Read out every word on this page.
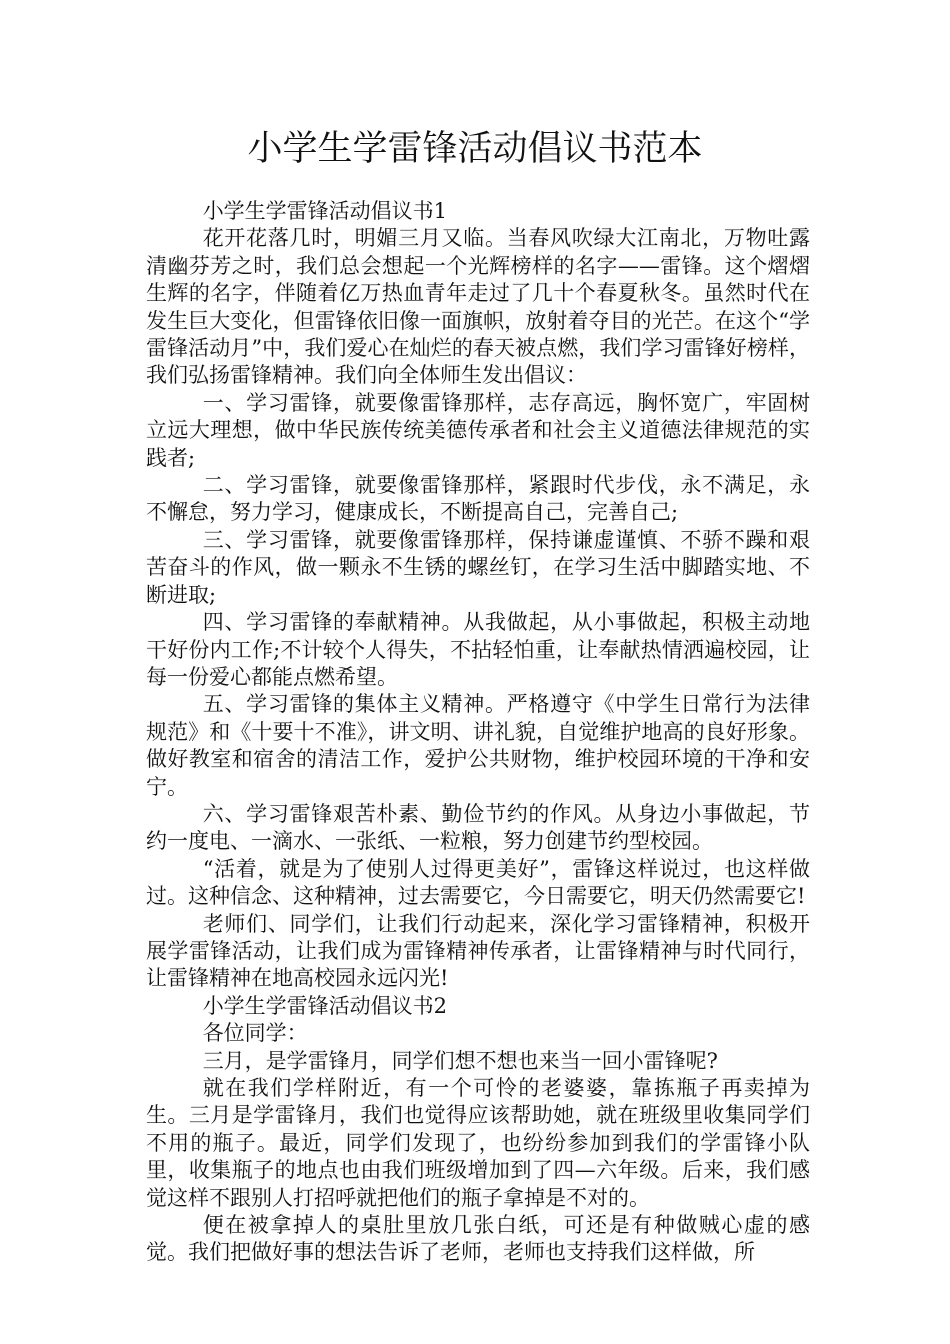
小学生学雷锋活动倡议书范本

小学生学雷锋活动倡议书1

花开花落几时，明媚三月又临。当春风吹绿大江南北，万物吐露清幽芬芳之时，我们总会想起一个光辉榜样的名字——雷锋。这个熠熠生辉的名字，伴随着亿万热血青年走过了几十个春夏秋冬。虽然时代在发生巨大变化，但雷锋依旧像一面旗帜，放射着夺目的光芒。在这个“学雷锋活动月”中，我们爱心在灿烂的春天被点燃，我们学习雷锋好榜样，我们弘扬雷锋精神。我们向全体师生发出倡议：

一、学习雷锋，就要像雷锋那样，志存高远，胸怀宽广，牢固树立远大理想，做中华民族传统美德传承者和社会主义道德法律规范的实践者;

二、学习雷锋，就要像雷锋那样，紧跟时代步伐，永不满足，永不懈怠，努力学习，健康成长，不断提高自己，完善自己;

三、学习雷锋，就要像雷锋那样，保持谦虚谨慎、不骄不躁和艰苦奋斗的作风，做一颗永不生锈的螺丝钉，在学习生活中脚踏实地、不断进取;

四、学习雷锋的奉献精神。从我做起，从小事做起，积极主动地干好份内工作;不计较个人得失，不拈轻怕重，让奉献热情洒遍校园，让每一份爱心都能点燃希望。

五、学习雷锋的集体主义精神。严格遵守《中学生日常行为法律规范》和《十要十不准》，讲文明、讲礼貌，自觉维护地高的良好形象。做好教室和宿舍的清洁工作，爱护公共财物，维护校园环境的干净和安宁。

六、学习雷锋艰苦朴素、勤俭节约的作风。从身边小事做起，节约一度电、一滴水、一张纸、一粒粮，努力创建节约型校园。

“活着，就是为了使别人过得更美好”，雷锋这样说过，也这样做过。这种信念、这种精神，过去需要它，今日需要它，明天仍然需要它!

老师们、同学们，让我们行动起来，深化学习雷锋精神，积极开展学雷锋活动，让我们成为雷锋精神传承者，让雷锋精神与时代同行，让雷锋精神在地高校园永远闪光!

小学生学雷锋活动倡议书2

各位同学：

三月，是学雷锋月，同学们想不想也来当一回小雷锋呢?

就在我们学样附近，有一个可怜的老婆婆，靠拣瓶子再卖掉为生。三月是学雷锋月，我们也觉得应该帮助她，就在班级里收集同学们不用的瓶子。最近，同学们发现了，也纷纷参加到我们的学雷锋小队里，收集瓶子的地点也由我们班级增加到了四—六年级。后来，我们感觉这样不跟别人打招呼就把他们的瓶子拿掉是不对的。

便在被拿掉人的桌肚里放几张白纸，可还是有种做贼心虚的感觉。我们把做好事的想法告诉了老师，老师也支持我们这样做，所
